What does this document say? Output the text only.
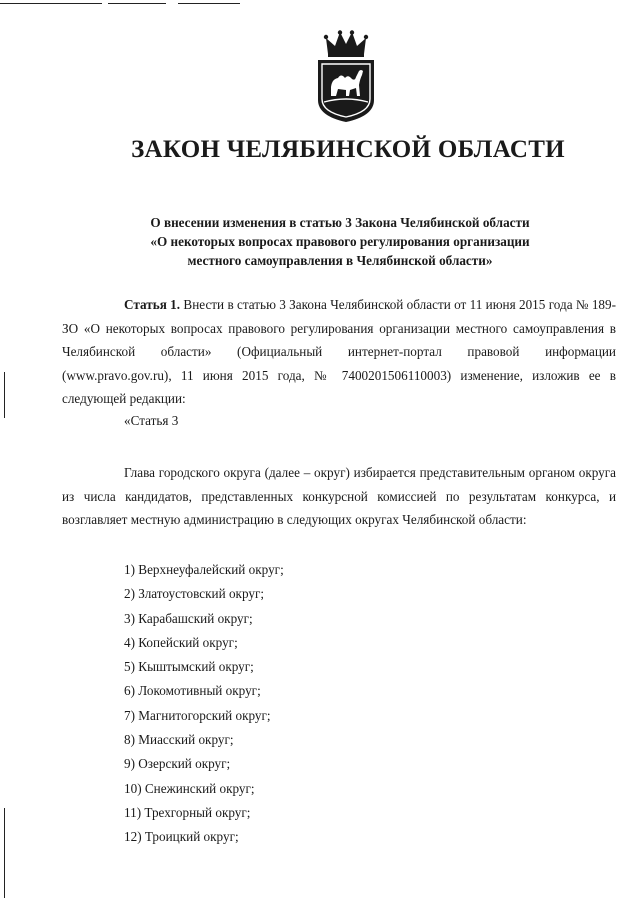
ЗАКОН ЧЕЛЯБИНСКОЙ ОБЛАСТИ
О внесении изменения в статью 3 Закона Челябинской области
«О некоторых вопросах правового регулирования организации
местного самоуправления в Челябинской области»
Статья 1. Внести в статью 3 Закона Челябинской области от 11 июня 2015 года № 189-ЗО «О некоторых вопросах правового регулирования организации местного самоуправления в Челябинской области» (Официальный интернет-портал правовой информации (www.pravo.gov.ru), 11 июня 2015 года, № 7400201506110003) изменение, изложив ее в следующей редакции:
«Статья 3
Глава городского округа (далее – округ) избирается представительным органом округа из числа кандидатов, представленных конкурсной комиссией по результатам конкурса, и возглавляет местную администрацию в следующих округах Челябинской области:
1) Верхнеуфалейский округ;
2) Златоустовский округ;
3) Карабашский округ;
4) Копейский округ;
5) Кыштымский округ;
6) Локомотивный округ;
7) Магнитогорский округ;
8) Миасский округ;
9) Озерский округ;
10) Снежинский округ;
11) Трехгорный округ;
12) Троицкий округ;
